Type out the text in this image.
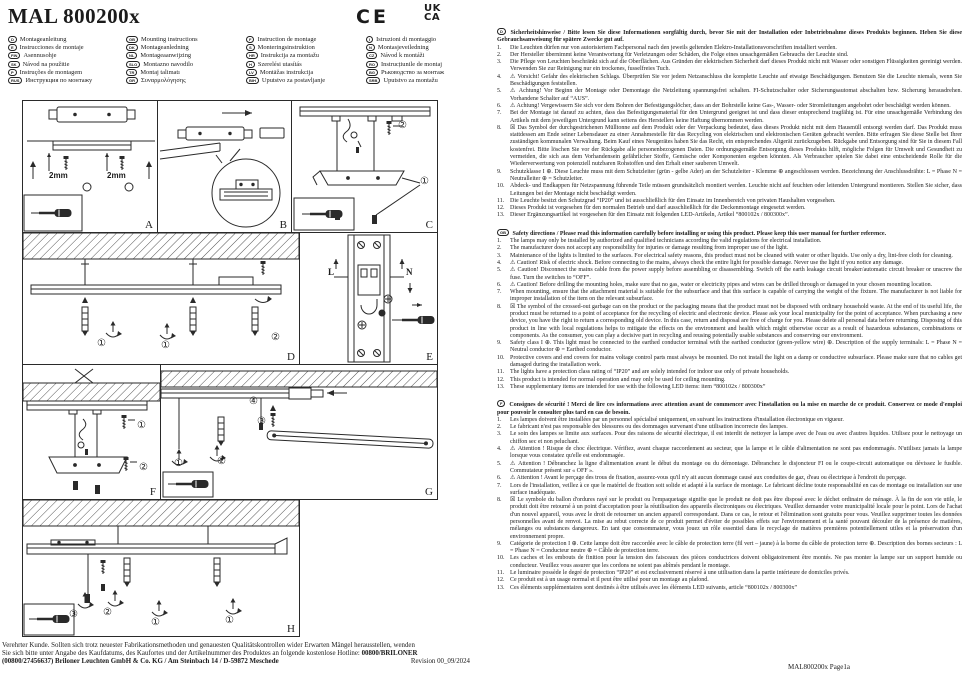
MAL 800200x	CE	UK
CA
D Montageanleitung
E Instrucciones de montaje
FIN Asennusohje
SK Návod na použitie
P Instruções de montagem
RUS Инструкция по монтажу
GB Mounting instructions
DK Montageanledning
NL Montageaanwijzing
SLO Montazno navodilo
TR Montaj talimatı
GR Συναρμολόγησης
F Instruction de montage
S Monteringsinstruktion
HR Instrukcija za montažu
H Szerelési utasítás
LV Montāžas instrukcija
BIH Uputstvo za postavljanje
I Istruzioni di montaggio
N Montasjeveiledning
CZ Návod k montáži
RO Instrucțiunile de montaj
BG Ръководство за монтаж
SRB Uputstvo za montažu
2mm	2mm
A	B
②
①
C
①	①
②
D
L	N
E
①
②
F
④
③
①	②
G
③	②
①	①
H
Verehrter Kunde. Sollten sich trotz neuester Fabrikationsmethoden und genauesten Qualitätskontrollen wider Erwarten Mängel herausstellen, wenden
Sie sich bitte unter Angabe des Kaufdatums, des Kaufortes und der Artikelnummer des Produktes an folgende kostenlose Hotline: 00800/BRILONER
(00800/27456637) Briloner Leuchten GmbH & Co. KG / Am Steinbach 14 / D-59872 Meschede	Revision 00_09/2024
D Sicherheitshinweise / Bitte lesen Sie diese Informationen sorgfältig durch, bevor Sie mit der Installation oder Inbetriebnahme dieses Produkts beginnen. Heben Sie diese Gebrauchsanweisung für spätere Zwecke gut auf.
1.	Die Leuchten dürfen nur von autorisiertem Fachpersonal nach den jeweils geltenden Elektro-Installationsvorschriften installiert werden.
2.	Der Hersteller übernimmt keine Verantwortung für Verletzungen oder Schäden, die Folge eines unsachgemäßen Gebrauchs der Leuchte sind.
3.	Die Pflege von Leuchten beschränkt sich auf die Oberflächen. Aus Gründen der elektrischen Sicherheit darf dieses Produkt nicht mit Wasser oder sonstigen Flüssigkeiten gereinigt werden. Verwenden Sie zur Reinigung nur ein trockenes, fusselfreies Tuch.
4.	⚠ Vorsicht! Gefahr des elektrischen Schlags. Überprüfen Sie vor jedem Netzanschluss die komplette Leuchte auf etwaige Beschädigungen. Benutzen Sie die Leuchte niemals, wenn Sie Beschädigungen feststellen.
5.	⚠ Achtung! Vor Beginn der Montage oder Demontage die Netzleitung spannungsfrei schalten. FI-Schutzschalter oder Sicherungsautomat abschalten bzw. Sicherung herausdrehen. Vorhandene Schalter auf “AUS”.
6.	⚠ Achtung! Vergewissern Sie sich vor dem Bohren der Befestigungslöcher, dass an der Bohrstelle keine Gas-, Wasser- oder Stromleitungen angebohrt oder beschädigt werden können.
7.	Bei der Montage ist darauf zu achten, dass das Befestigungsmaterial für den Untergrund geeignet ist und dass dieser entsprechend tragfähig ist. Für eine unsachgemäße Verbindung des Artikels mit dem jeweiligen Untergrund kann seitens des Herstellers keine Haftung übernommen werden.
8.	☒ Das Symbol der durchgestrichenen Mülltonne auf dem Produkt oder der Verpackung bedeutet, dass dieses Produkt nicht mit dem Hausmüll entsorgt werden darf. Das Produkt muss stattdessen am Ende seiner Lebensdauer zu einer Annahmestelle für das Recycling von elektrischen und elektronischen Geräten gebracht werden. Bitte erfragen Sie diese Stelle bei Ihrer zuständigen kommunalen Verwaltung. Beim Kauf eines Neugerätes haben Sie das Recht, ein entsprechendes Altgerät zurückzugeben. Rückgabe und Entsorgung sind für Sie in diesem Fall kostenfrei. Bitte löschen Sie vor der Rückgabe alle personenbezogenen Daten. Die ordnungsgemäße Entsorgung dieses Produkts hilft, mögliche Folgen für Umwelt und Gesundheit zu vermeiden, die sich aus dem Vorhandensein gefährlicher Stoffe, Gemische oder Komponenten ergeben könnten. Als Verbraucher spielen Sie dabei eine entscheidende Rolle für die Wiederverwertung von potenziell nutzbaren Rohstoffen und den Erhalt einer sauberen Umwelt.
9.	Schutzklasse I ⊕. Diese Leuchte muss mit dem Schutzleiter (grün - gelbe Ader) an der Schutzleiter - Klemme ⊕ angeschlossen werden. Bezeichnung der Anschlussdrähte: L = Phase N = Neutralleiter ⊕ = Schutzleiter.
10. Abdeck- und Endkappen für Netzspannung führende Teile müssen grundsätzlich montiert werden. Leuchte nicht auf feuchten oder leitenden Untergrund montieren. Stellen Sie sicher, dass Leitungen bei der Montage nicht beschädigt werden.
11. Die Leuchte besitzt den Schutzgrad “IP20” und ist ausschließlich für den Einsatz im Innenbereich von privaten Haushalten vorgesehen.
12. Dieses Produkt ist vorgesehen für den normalen Betrieb und darf ausschließlich für die Deckenmontage eingesetzt werden.
13. Dieser Ergänzungsartikel ist vorgesehen für den Einsatz mit folgenden LED-Artikeln, Artikel “800102x / 800300x”.
GB Safety directions / Please read this information carefully before installing or using this product. Please keep this user manual for further reference.
1.	The lamps may only be installed by authorized and qualified technicians according the valid regulations for electrical installation.
2.	The manufacturer does not accept any responsibility for injuries or damage resulting from improper use of the light.
3.	Maintenance of the lights is limited to the surfaces. For electrical safety reasons, this product must not be cleaned with water or other liquids. Use only a dry, lint-free cloth for cleaning.
4.	⚠ Caution! Risk of electric shock. Before connecting to the mains, always check the entire light for possible damage. Never use the light if you notice any damage.
5.	⚠ Caution! Disconnect the mains cable from the power supply before assembling or disassembling. Switch off the earth leakage circuit breaker/automatic circuit breaker or unscrew the fuse. Turn the switches to “OFF”.
6.	⚠ Caution! Before drilling the mounting holes, make sure that no gas, water or electricity pipes and wires can be drilled through or damaged in your chosen mounting location.
7.	When mounting, ensure that the attachment material is suitable for the subsurface and that this surface is capable of carrying the weight of the fixture. The manufacturer is not liable for improper installation of the item on the relevant subsurface.
8.	☒ The symbol of the crossed-out garbage can on the product or the packaging means that the product must not be disposed with ordinary household waste. At the end of its useful life, the product must be returned to a point of acceptance for the recycling of electric and electronic device. Please ask your local municipality for the point of acceptance. When purchasing a new device, you have the right to return a corresponding old device. In this case, return and disposal are free of charge for you. Please delete all personal data before returning. Disposing of this product in line with local regulations helps to mitigate the effects on the environment and health which might otherwise occur as a result of hazardous substances, combinations or components. As the consumer, you can play a decisive part in recycling and reusing potentially usable substances and conserving our environment.
9.	Safety class I ⊕. This light must be connected to the earthed conductor terminal with the earthed conductor (green-yellow wire) ⊕. Description of the supply terminals: L = Phase N = Neutral conductor ⊕ = Earthed conductor.
10. Protective covers and end covers for mains voltage control parts must always be mounted. Do not install the light on a damp or conductive subsurface. Please make sure that no cables get damaged during the installation work.
11. The lights have a protection class rating of “IP20” and are solely intended for indoor use only of private households.
12. This product is intended for normal operation and may only be used for ceiling mounting.
13. These supplementary items are intended for use with the following LED items: item “800102x / 800300x”
F Consignes de sécurité ! Merci de lire ces informations avec attention avant de commencer avec l'installation ou la mise en marche de ce produit. Conservez ce mode d'emploi pour pouvoir le consulter plus tard en cas de besoin.
1.	Les lampes doivent être installées par un personnel spécialisé uniquement, en suivant les instructions d'installation électronique en vigueur.
2.	Le fabricant n'est pas responsable des blessures ou des dommages survenant d'une utilisation incorrecte des lampes.
3.	Le soin des lampes se limite aux surfaces. Pour des raisons de sécurité électrique, il est interdit de nettoyer la lampe avec de l'eau ou avec d'autres liquides. Utilisez pour le nettoyage un chiffon sec et non peluchant.
4.	⚠ Attention ! Risque de choc électrique. Vérifiez, avant chaque raccordement au secteur, que la lampe et le câble d'alimentation ne sont pas endommagés. N'utilisez jamais la lampe lorsque vous constatez qu'elle est endommagée.
5.	⚠ Attention ! Débranchez la ligne d'alimentation avant le début du montage ou du démontage. Débranchez le disjoncteur FI ou le coupe-circuit automatique ou dévissez le fusible. Commutateur présent sur « OFF ».
6.	⚠ Attention ! Avant le perçage des trous de fixation, assurez-vous qu'il n'y ait aucun dommage causé aux conduites de gaz, d'eau ou électrique à l'endroit du perçage.
7.	Lors de l'installation, veillez à ce que le matériel de fixation soit solide et adapté à la surface de montage. Le fabricant décline toute responsabilité en cas de montage ou installation sur une surface inadéquate.
8.	☒ Le symbole du ballon d'ordures rayé sur le produit ou l'empaquetage signifie que le produit ne doit pas être disposé avec le déchet ordinaire de ménage. À la fin de son vie utile, le produit doit être retourné à un point d'acceptation pour la réutilisation des appareils électroniques ou électriques. Veuillez demander votre municipalité locale pour le point. Lors de l'achat d'un nouvel appareil, vous avez le droit de retourner un ancien appareil correspondant. Dans ce cas, le retour et l'élimination sont gratuits pour vous. Veuillez supprimer toutes les données personnelles avant de renvoi. La mise au rebut correcte de ce produit permet d'éviter de possibles effets sur l'environnement et la santé pouvant découler de la présence de matières, mélanges ou substances dangereux. En tant que consommateur, vous jouez un rôle essentiel dans le recyclage de matières premières potentiellement utiles et la préservation d'un environnement propre.
9.	Catégorie de protection I ⊕. Cette lampe doit être raccordée avec le câble de protection terre (fil vert – jaune) à la borne du câble de protection terre ⊕. Description des bornes secteurs : L = Phase N = Conducteur neutre ⊕ = Câble de protection terre.
10. Les caches et les embouts de finition pour la tension des faisceaux des pièces conductrices doivent obligatoirement être montés. Ne pas monter la lampe sur un support humide ou conducteur. Veuillez vous assurer que les cordons ne soient pas abîmés pendant le montage.
11. Le luminaire possède le degré de protection “IP20” et est exclusivement réservé à une utilisation dans la partie intérieure de domiciles privés.
12. Ce produit est à un usage normal et il peut être utilisé pour un montage au plafond.
13. Ces éléments supplémentaires sont destinés à être utilisés avec les éléments LED suivants, article “800102x / 800300x”
MAL800200x Page1a
